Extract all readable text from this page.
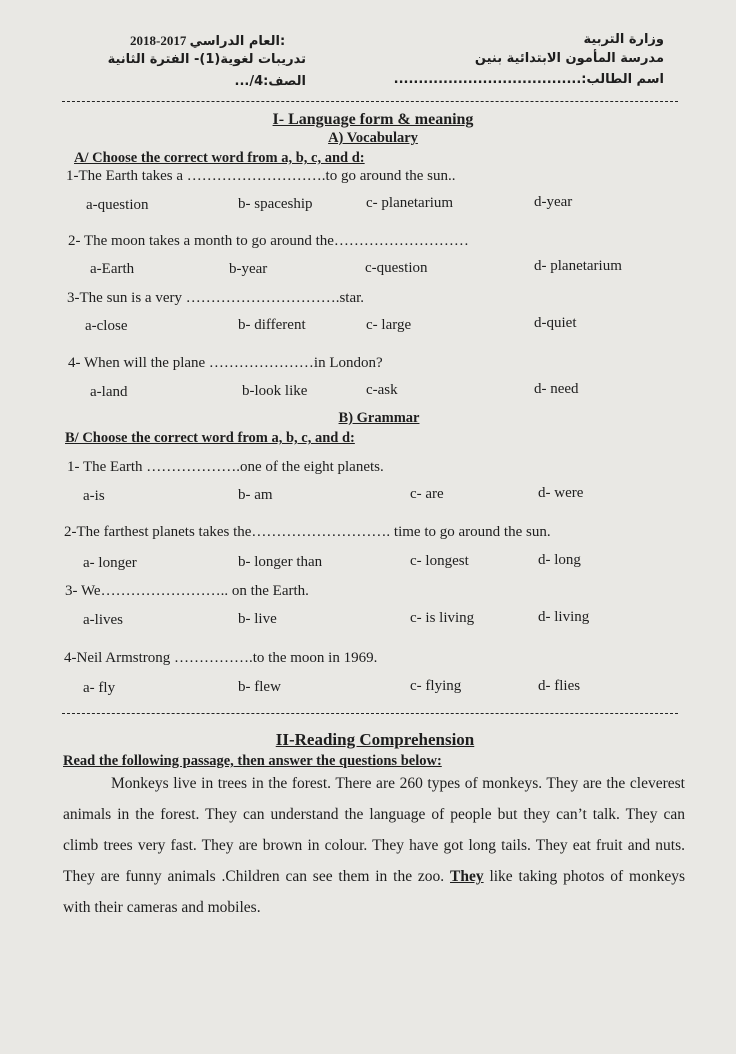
وزارة التربية
مدرسة المأمون الابتدائية بنين
اسم الطالب:......................................
2018-2017 العام الدراسي:
تدريبات لغوية(1)- الفترة الثانية
الصف:4/...
I- Language form & meaning
A) Vocabulary
A/ Choose the correct word from a, b, c, and d:
1-The Earth takes a ……………………….to go around the sun..
a-question	b- spaceship	c- planetarium	d-year
2- The moon takes a month to go around the………………………
a-Earth	b-year	c-question	d- planetarium
3-The sun is a very ………………………….star.
a-close	b- different	c- large	d-quiet
4- When will the plane …………………in London?
a-land	b-look like	c-ask	d- need
B) Grammar
B/ Choose the correct word from a, b, c, and d:
1- The Earth ……………….one of the eight planets.
a-is	b- am	c- are	d- were
2-The farthest planets takes the………………………. time to go around the sun.
a- longer	b- longer than	c- longest	d- long
3- We…………………….. on the Earth.
a-lives	b- live	c- is living	d- living
4-Neil Armstrong …………….to the moon in 1969.
a- fly	b- flew	c- flying	d- flies
II-Reading Comprehension
Read the following passage, then answer the questions below:

Monkeys live in trees in the forest. There are 260 types of monkeys. They are the cleverest animals in the forest. They can understand the language of people but they can’t talk. They can climb trees very fast. They are brown in colour. They have got long tails. They eat fruit and nuts. They are funny animals .Children can see them in the zoo. They like taking photos of monkeys with their cameras and mobiles.
